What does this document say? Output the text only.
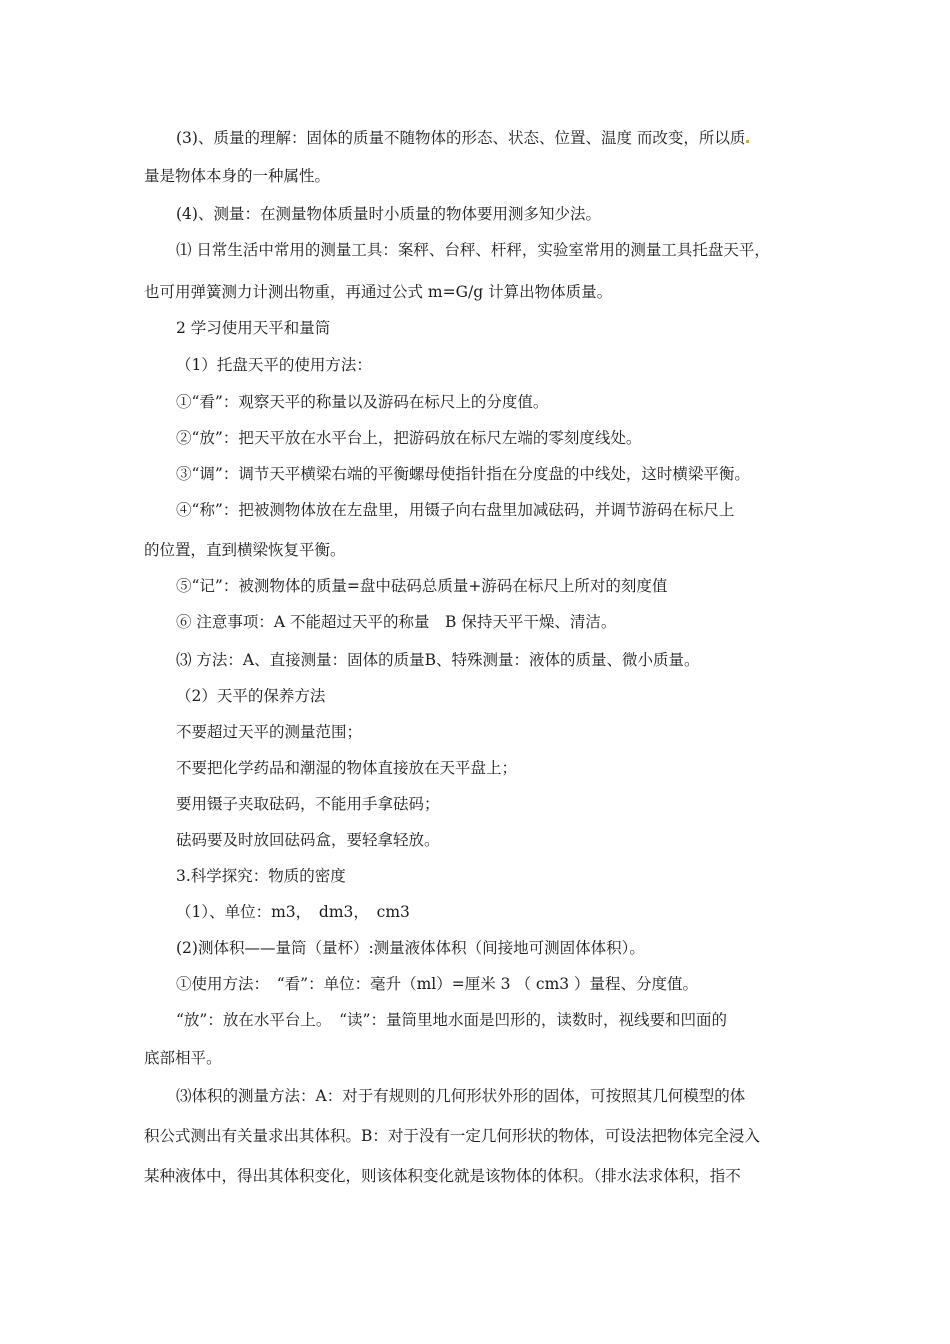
(3)、质量的理解：固体的质量不随物体的形态、状态、位置、温度 而改变，所以质
量是物体本身的一种属性。
(4)、测量：在测量物体质量时小质量的物体要用测多知少法。
⑴ 日常生活中常用的测量工具：案秤、台秤、杆秤，实验室常用的测量工具托盘天平，
也可用弹簧测力计测出物重，再通过公式 m=G/g 计算出物体质量。
2 学习使用天平和量筒
（1）托盘天平的使用方法：
①“看”：观察天平的称量以及游码在标尺上的分度值。
②“放”：把天平放在水平台上，把游码放在标尺左端的零刻度线处。
③“调”：调节天平横梁右端的平衡螺母使指针指在分度盘的中线处，这时横梁平衡。
④“称”：把被测物体放在左盘里，用镊子向右盘里加减砝码，并调节游码在标尺上
的位置，直到横梁恢复平衡。
⑤“记”：被测物体的质量=盘中砝码总质量+游码在标尺上所对的刻度值
⑥ 注意事项：A 不能超过天平的称量　B 保持天平干燥、清洁。
⑶ 方法：A、直接测量：固体的质量B、特殊测量：液体的质量、微小质量。
（2）天平的保养方法
不要超过天平的测量范围；
不要把化学药品和潮湿的物体直接放在天平盘上；
要用镊子夹取砝码，不能用手拿砝码；
砝码要及时放回砝码盒，要轻拿轻放。
3.科学探究：物质的密度
（1）、单位：m3，　dm3，　cm3
(2)测体积——量筒（量杯）:测量液体体积（间接地可测固体体积）。
①使用方法：　“看”：单位：毫升（ml）=厘米 3 （ cm3 ）量程、分度值。
“放”：放在水平台上。　“读”：量筒里地水面是凹形的，读数时，视线要和凹面的
底部相平。
⑶体积的测量方法：A：对于有规则的几何形状外形的固体，可按照其几何模型的体
积公式测出有关量求出其体积。B：对于没有一定几何形状的物体，可设法把物体完全浸入
某种液体中，得出其体积变化，则该体积变化就是该物体的体积。（排水法求体积，指不
